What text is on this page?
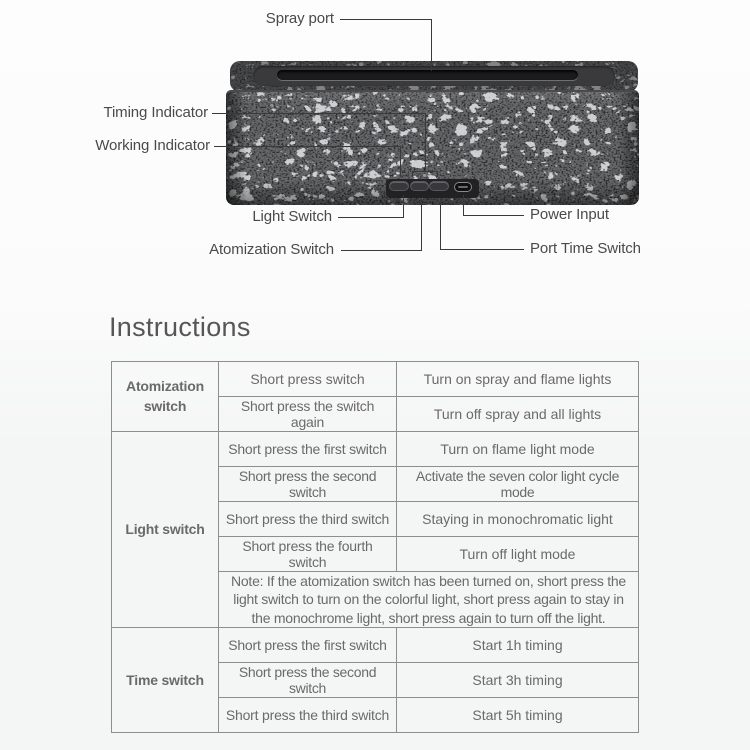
Spray port
Timing Indicator
Working Indicator
Light Switch
Atomization Switch
Power Input
Port Time Switch
Instructions
Atomization switch	Short press switch	Turn on spray and flame lights
	Short press the switch again	Turn off spray and all lights
Light switch	Short press the first switch	Turn on flame light mode
	Short press the second switch	Activate the seven color light cycle mode
	Short press the third switch	Staying in monochromatic light
	Short press the fourth switch	Turn off light mode
	Note: If the atomization switch has been turned on, short press the light switch to turn on the colorful light, short press again to stay in the monochrome light, short press again to turn off the light.	
Time switch	Short press the first switch	Start 1h timing
	Short press the second switch	Start 3h timing
	Short press the third switch	Start 5h timing
